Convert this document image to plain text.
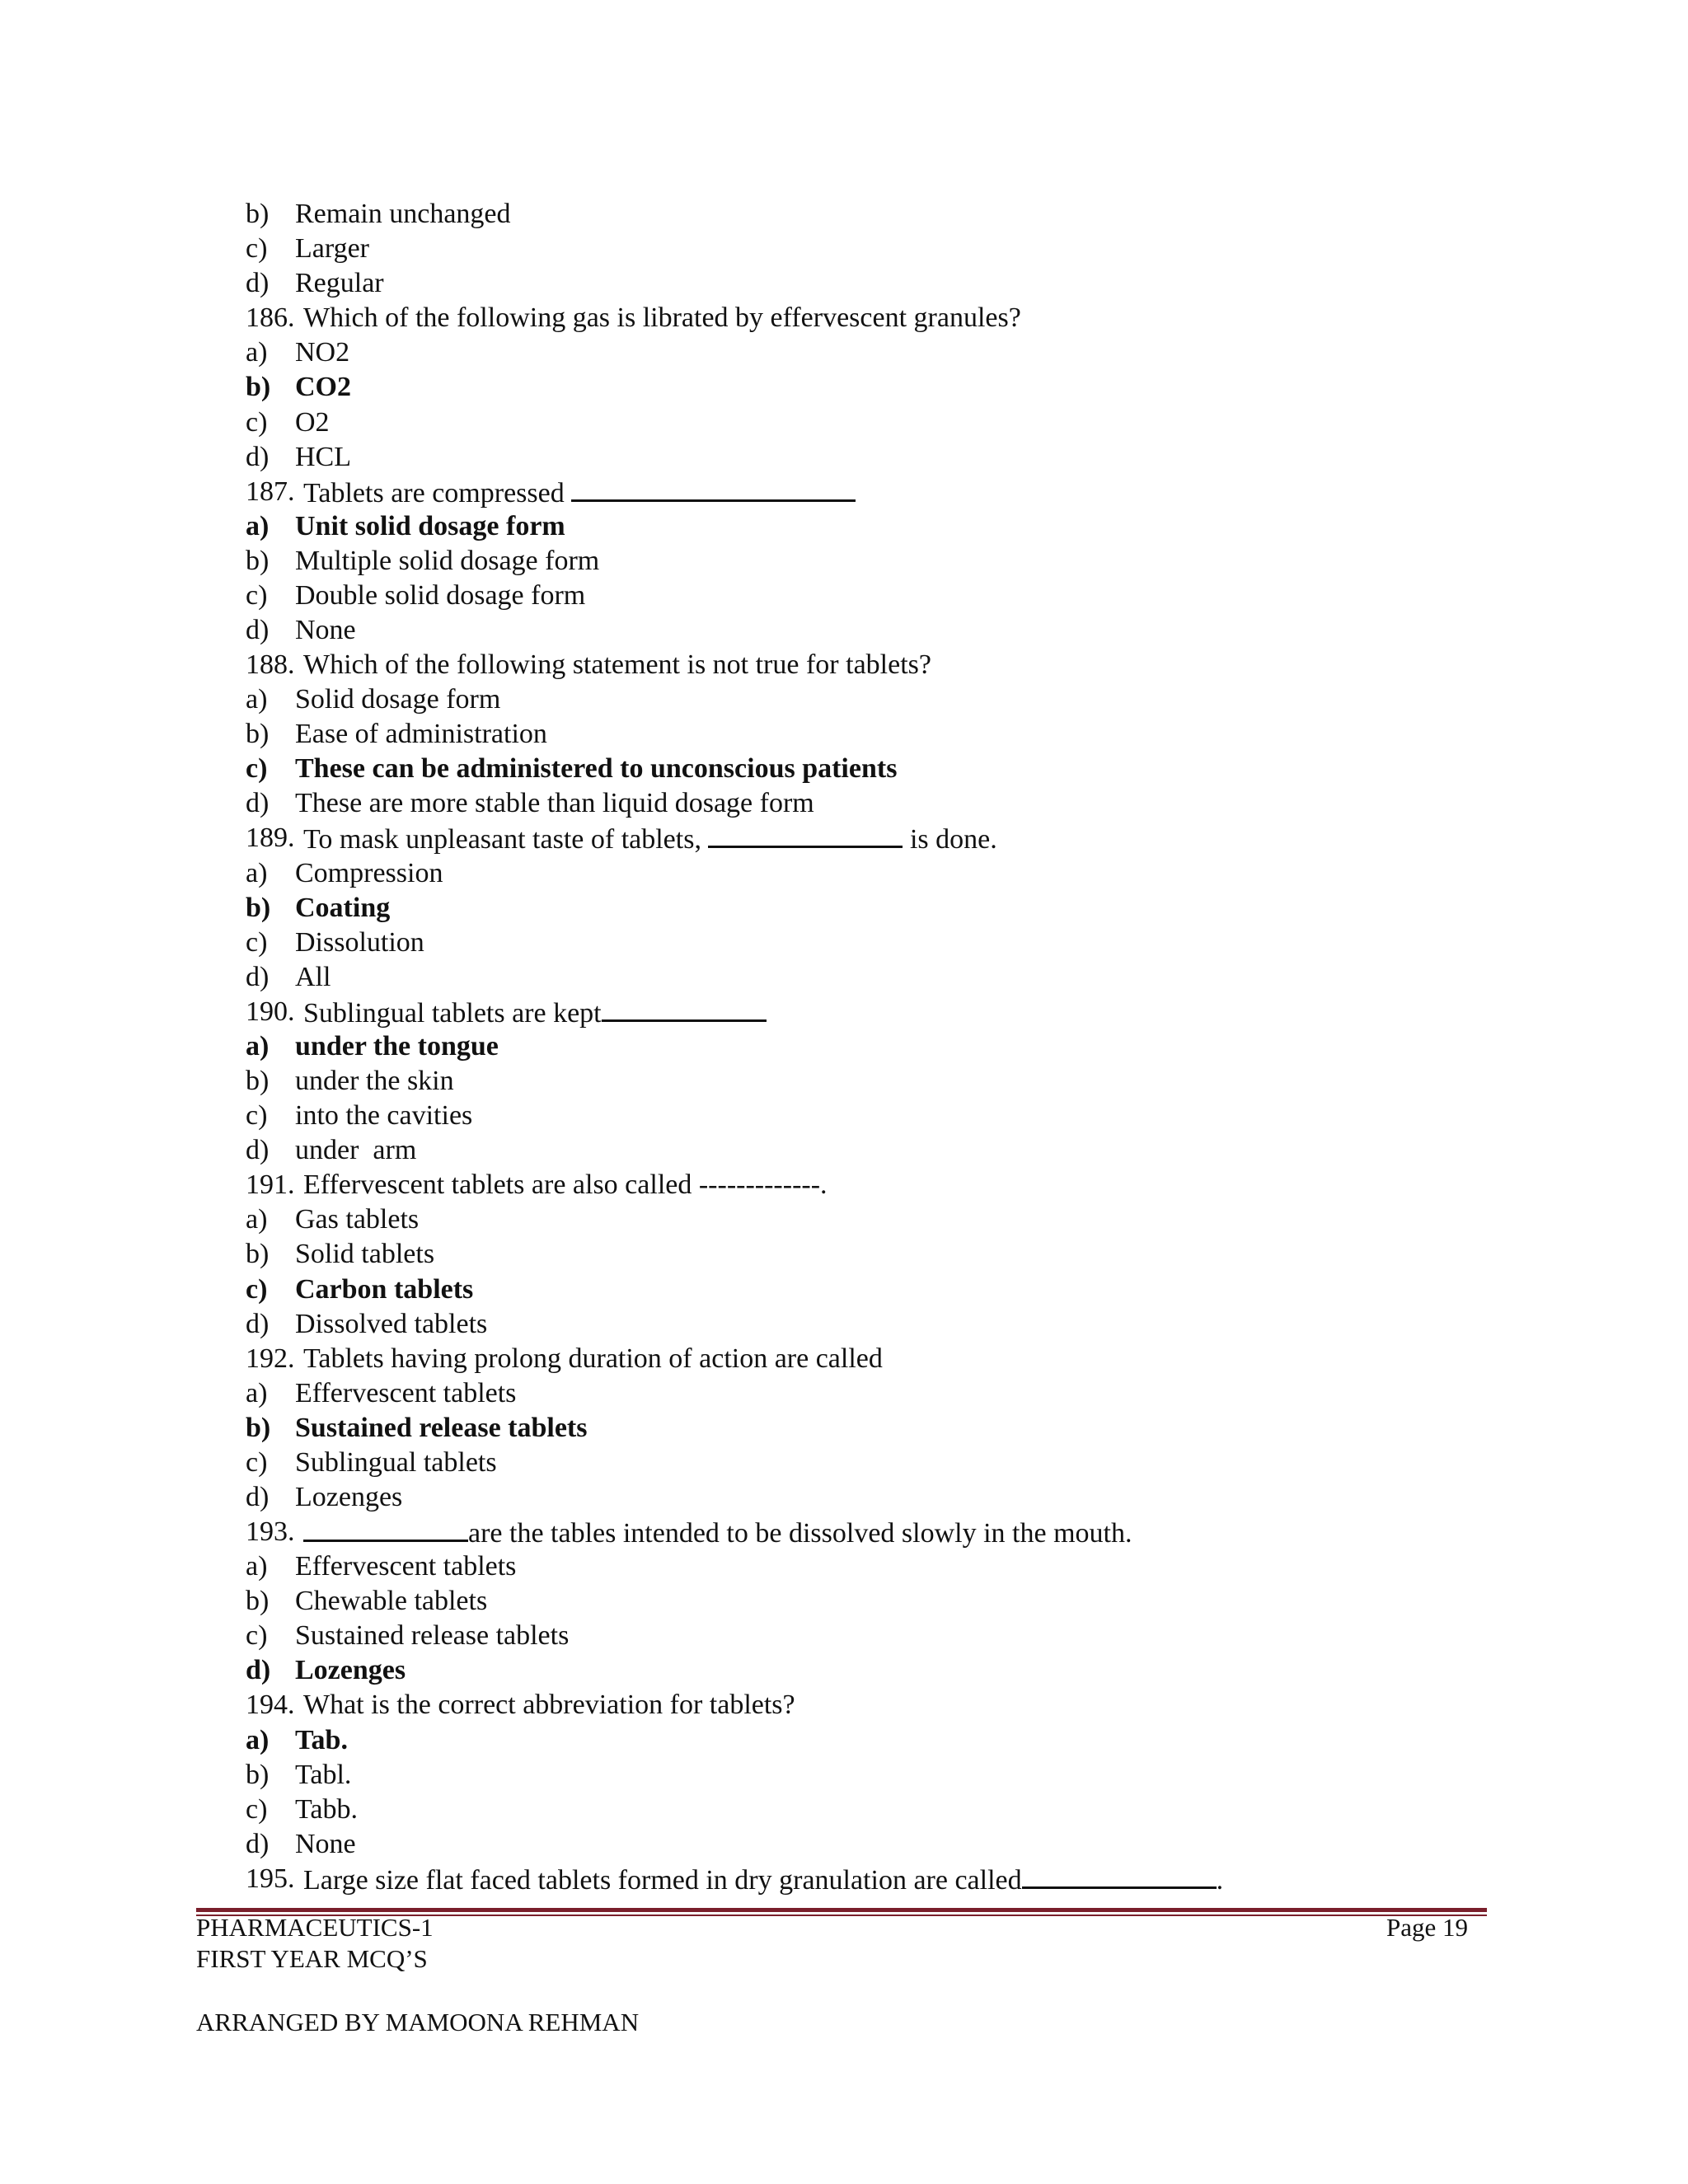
b) Remain unchanged
c) Larger
d) Regular
186. Which of the following gas is librated by effervescent granules?
a) NO2
b) CO2
c) O2
d) HCL
187. Tablets are compressed
a) Unit solid dosage form
b) Multiple solid dosage form
c) Double solid dosage form
d) None
188. Which of the following statement is not true for tablets?
a) Solid dosage form
b) Ease of administration
c) These can be administered to unconscious patients
d) These are more stable than liquid dosage form
189. To mask unpleasant taste of tablets,	is done.
a) Compression
b) Coating
c) Dissolution
d) All
190. Sublingual tablets are kept
a) under the tongue
b) under the skin
c) into the cavities
d) under  arm
191. Effervescent tablets are also called -------------.
a) Gas tablets
b) Solid tablets
c) Carbon tablets
d) Dissolved tablets
192. Tablets having prolong duration of action are called
a) Effervescent tablets
b) Sustained release tablets
c) Sublingual tablets
d) Lozenges
193.	are the tables intended to be dissolved slowly in the mouth.
a) Effervescent tablets
b) Chewable tablets
c) Sustained release tablets
d) Lozenges
194. What is the correct abbreviation for tablets?
a) Tab.
b) Tabl.
c) Tabb.
d) None
195. Large size flat faced tablets formed in dry granulation are called	.
PHARMACEUTICS-1	Page 19
FIRST YEAR MCQ’S
ARRANGED BY MAMOONA REHMAN
